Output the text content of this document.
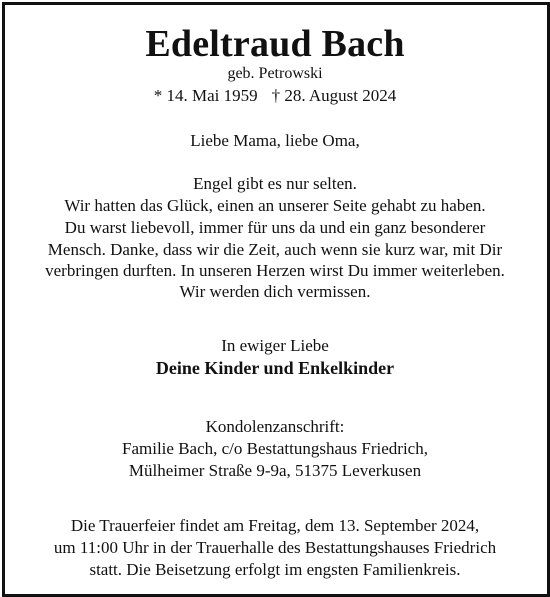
Edeltraud Bach
geb. Petrowski
* 14. Mai 1959 † 28. August 2024
Liebe Mama, liebe Oma,
Engel gibt es nur selten.
Wir hatten das Glück, einen an unserer Seite gehabt zu haben.
Du warst liebevoll, immer für uns da und ein ganz besonderer
Mensch. Danke, dass wir die Zeit, auch wenn sie kurz war, mit Dir
verbringen durften. In unseren Herzen wirst Du immer weiterleben.
Wir werden dich vermissen.
In ewiger Liebe
Deine Kinder und Enkelkinder
Kondolenzanschrift:
Familie Bach, c/o Bestattungshaus Friedrich,
Mülheimer Straße 9-9a, 51375 Leverkusen
Die Trauerfeier findet am Freitag, dem 13. September 2024,
um 11:00 Uhr in der Trauerhalle des Bestattungshauses Friedrich
statt. Die Beisetzung erfolgt im engsten Familienkreis.
